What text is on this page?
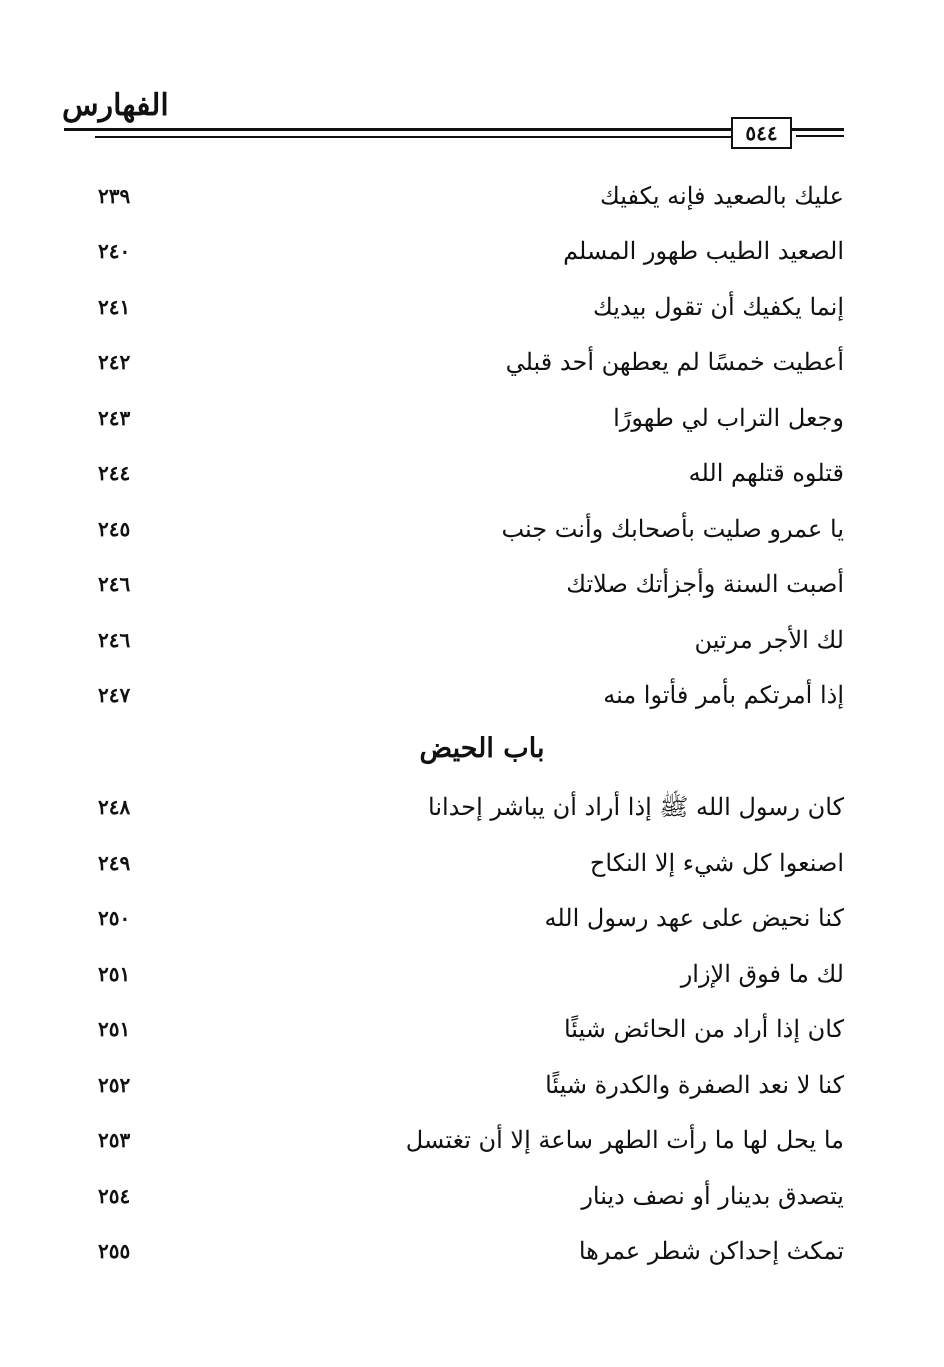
الفهارس
٥٤٤
عليك بالصعيد فإنه يكفيك
٢٣٩
الصعيد الطيب طهور المسلم
٢٤٠
إنما يكفيك أن تقول بيديك
٢٤١
أعطيت خمسًا لم يعطهن أحد قبلي
٢٤٢
وجعل التراب لي طهورًا
٢٤٣
قتلوه قتلهم الله
٢٤٤
يا عمرو صليت بأصحابك وأنت جنب
٢٤٥
أصبت السنة وأجزأتك صلاتك
٢٤٦
لك الأجر مرتين
٢٤٦
إذا أمرتكم بأمر فأتوا منه
٢٤٧
باب الحيض
كان رسول الله ﷺ إذا أراد أن يباشر إحدانا
٢٤٨
اصنعوا كل شيء إلا النكاح
٢٤٩
كنا نحيض على عهد رسول الله
٢٥٠
لك ما فوق الإزار
٢٥١
كان إذا أراد من الحائض شيئًا
٢٥١
كنا لا نعد الصفرة والكدرة شيئًا
٢٥٢
ما يحل لها ما رأت الطهر ساعة إلا أن تغتسل
٢٥٣
يتصدق بدينار أو نصف دينار
٢٥٤
تمكث إحداكن شطر عمرها
٢٥٥
